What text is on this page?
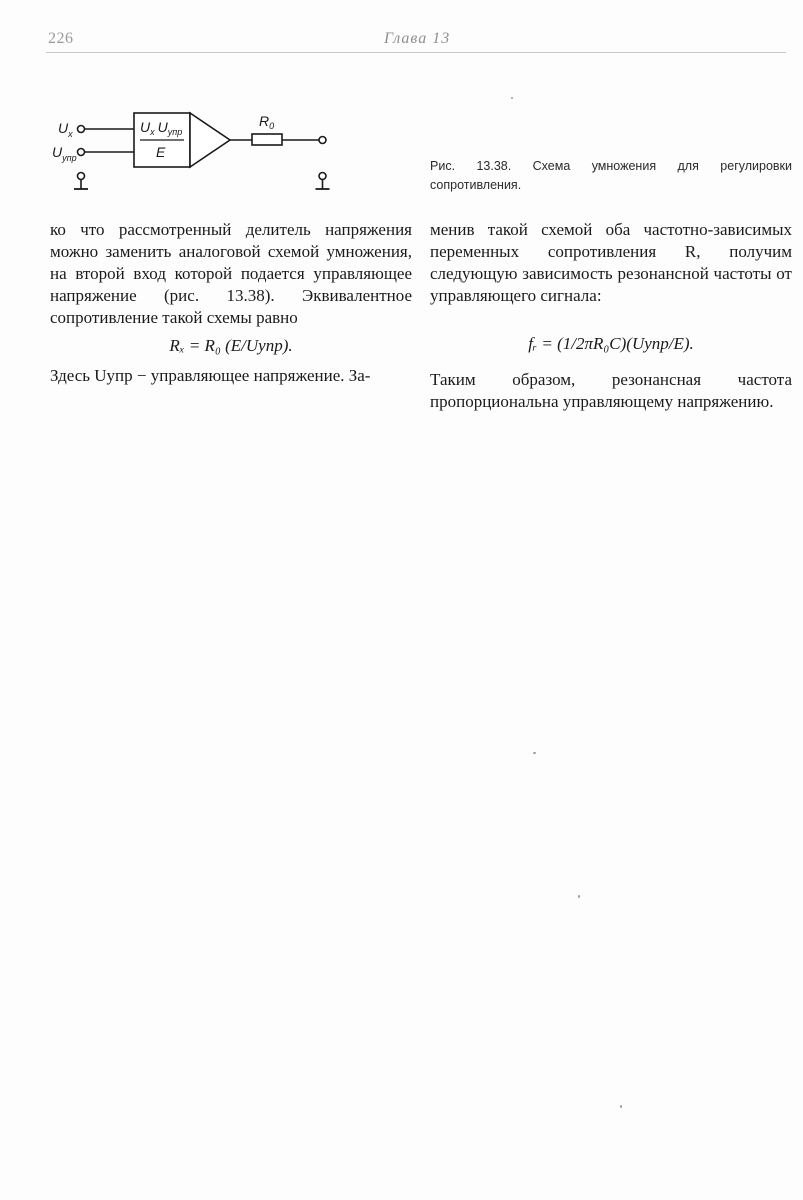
226	Глава 13
$U_x$
$U_{упр}$
$U_x$ $U_{упр}$
E
$R_0$
Рис. 13.38. Схема умножения для регулировки сопротивления.

ко что рассмотренный делитель напряжения можно заменить аналоговой схемой умножения, на второй вход которой подается управляющее напряжение (рис. 13.38). Эквивалентное сопротивление такой схемы равно

Rₓ = R₀ (E/Uупр).

Здесь Uупр − управляющее напряжение. За-

менив такой схемой оба частотно-зависимых переменных сопротивления R, получим следующую зависимость резонансной частоты от управляющего сигнала:

fᵣ = (1/2πR₀C)(Uупр/E).

Таким образом, резонансная частота пропорциональна управляющему напряжению.
